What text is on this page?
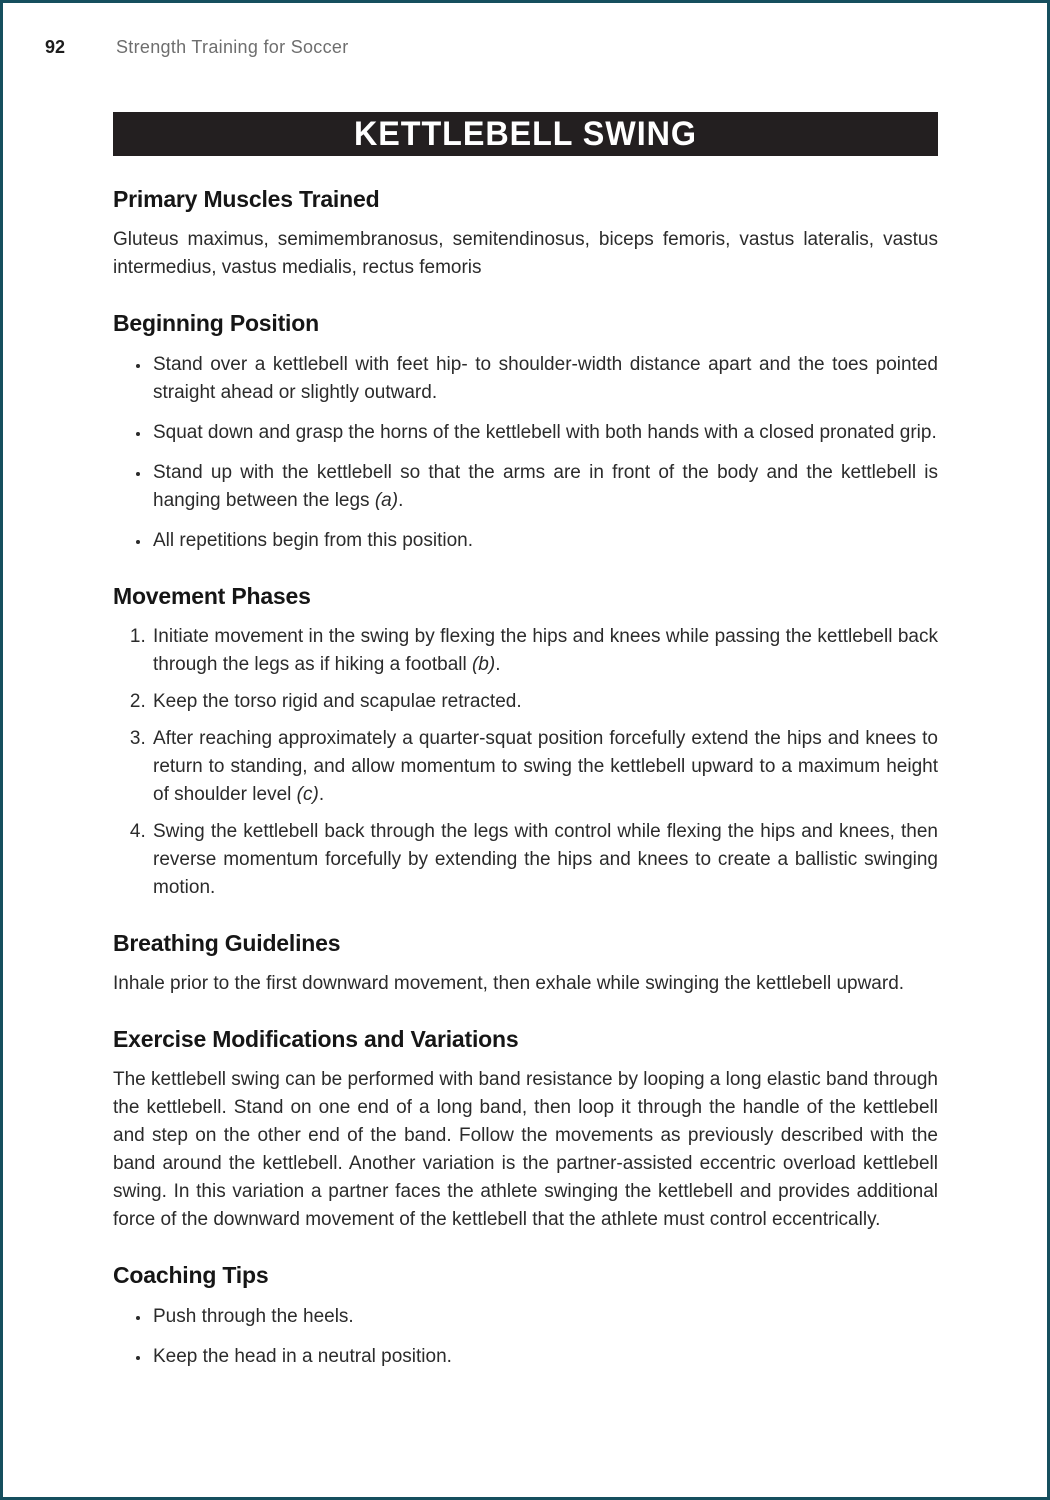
92	Strength Training for Soccer
KETTLEBELL SWING
Primary Muscles Trained

Gluteus maximus, semimembranosus, semitendinosus, biceps femoris, vastus lateralis, vastus intermedius, vastus medialis, rectus femoris

Beginning Position
• Stand over a kettlebell with feet hip- to shoulder-width distance apart and the toes pointed straight ahead or slightly outward.
• Squat down and grasp the horns of the kettlebell with both hands with a closed pronated grip.
• Stand up with the kettlebell so that the arms are in front of the body and the kettlebell is hanging between the legs (a).
• All repetitions begin from this position.
Movement Phases
1. Initiate movement in the swing by flexing the hips and knees while passing the kettlebell back through the legs as if hiking a football (b).
2. Keep the torso rigid and scapulae retracted.
3. After reaching approximately a quarter-squat position forcefully extend the hips and knees to return to standing, and allow momentum to swing the kettlebell upward to a maximum height of shoulder level (c).
4. Swing the kettlebell back through the legs with control while flexing the hips and knees, then reverse momentum forcefully by extending the hips and knees to create a ballistic swinging motion.
Breathing Guidelines

Inhale prior to the first downward movement, then exhale while swinging the kettlebell upward.

Exercise Modifications and Variations

The kettlebell swing can be performed with band resistance by looping a long elastic band through the kettlebell. Stand on one end of a long band, then loop it through the handle of the kettlebell and step on the other end of the band. Follow the movements as previously described with the band around the kettlebell. Another variation is the partner-assisted eccentric overload kettlebell swing. In this variation a partner faces the athlete swinging the kettlebell and provides additional force of the downward movement of the kettlebell that the athlete must control eccentrically.

Coaching Tips
• Push through the heels.
• Keep the head in a neutral position.
